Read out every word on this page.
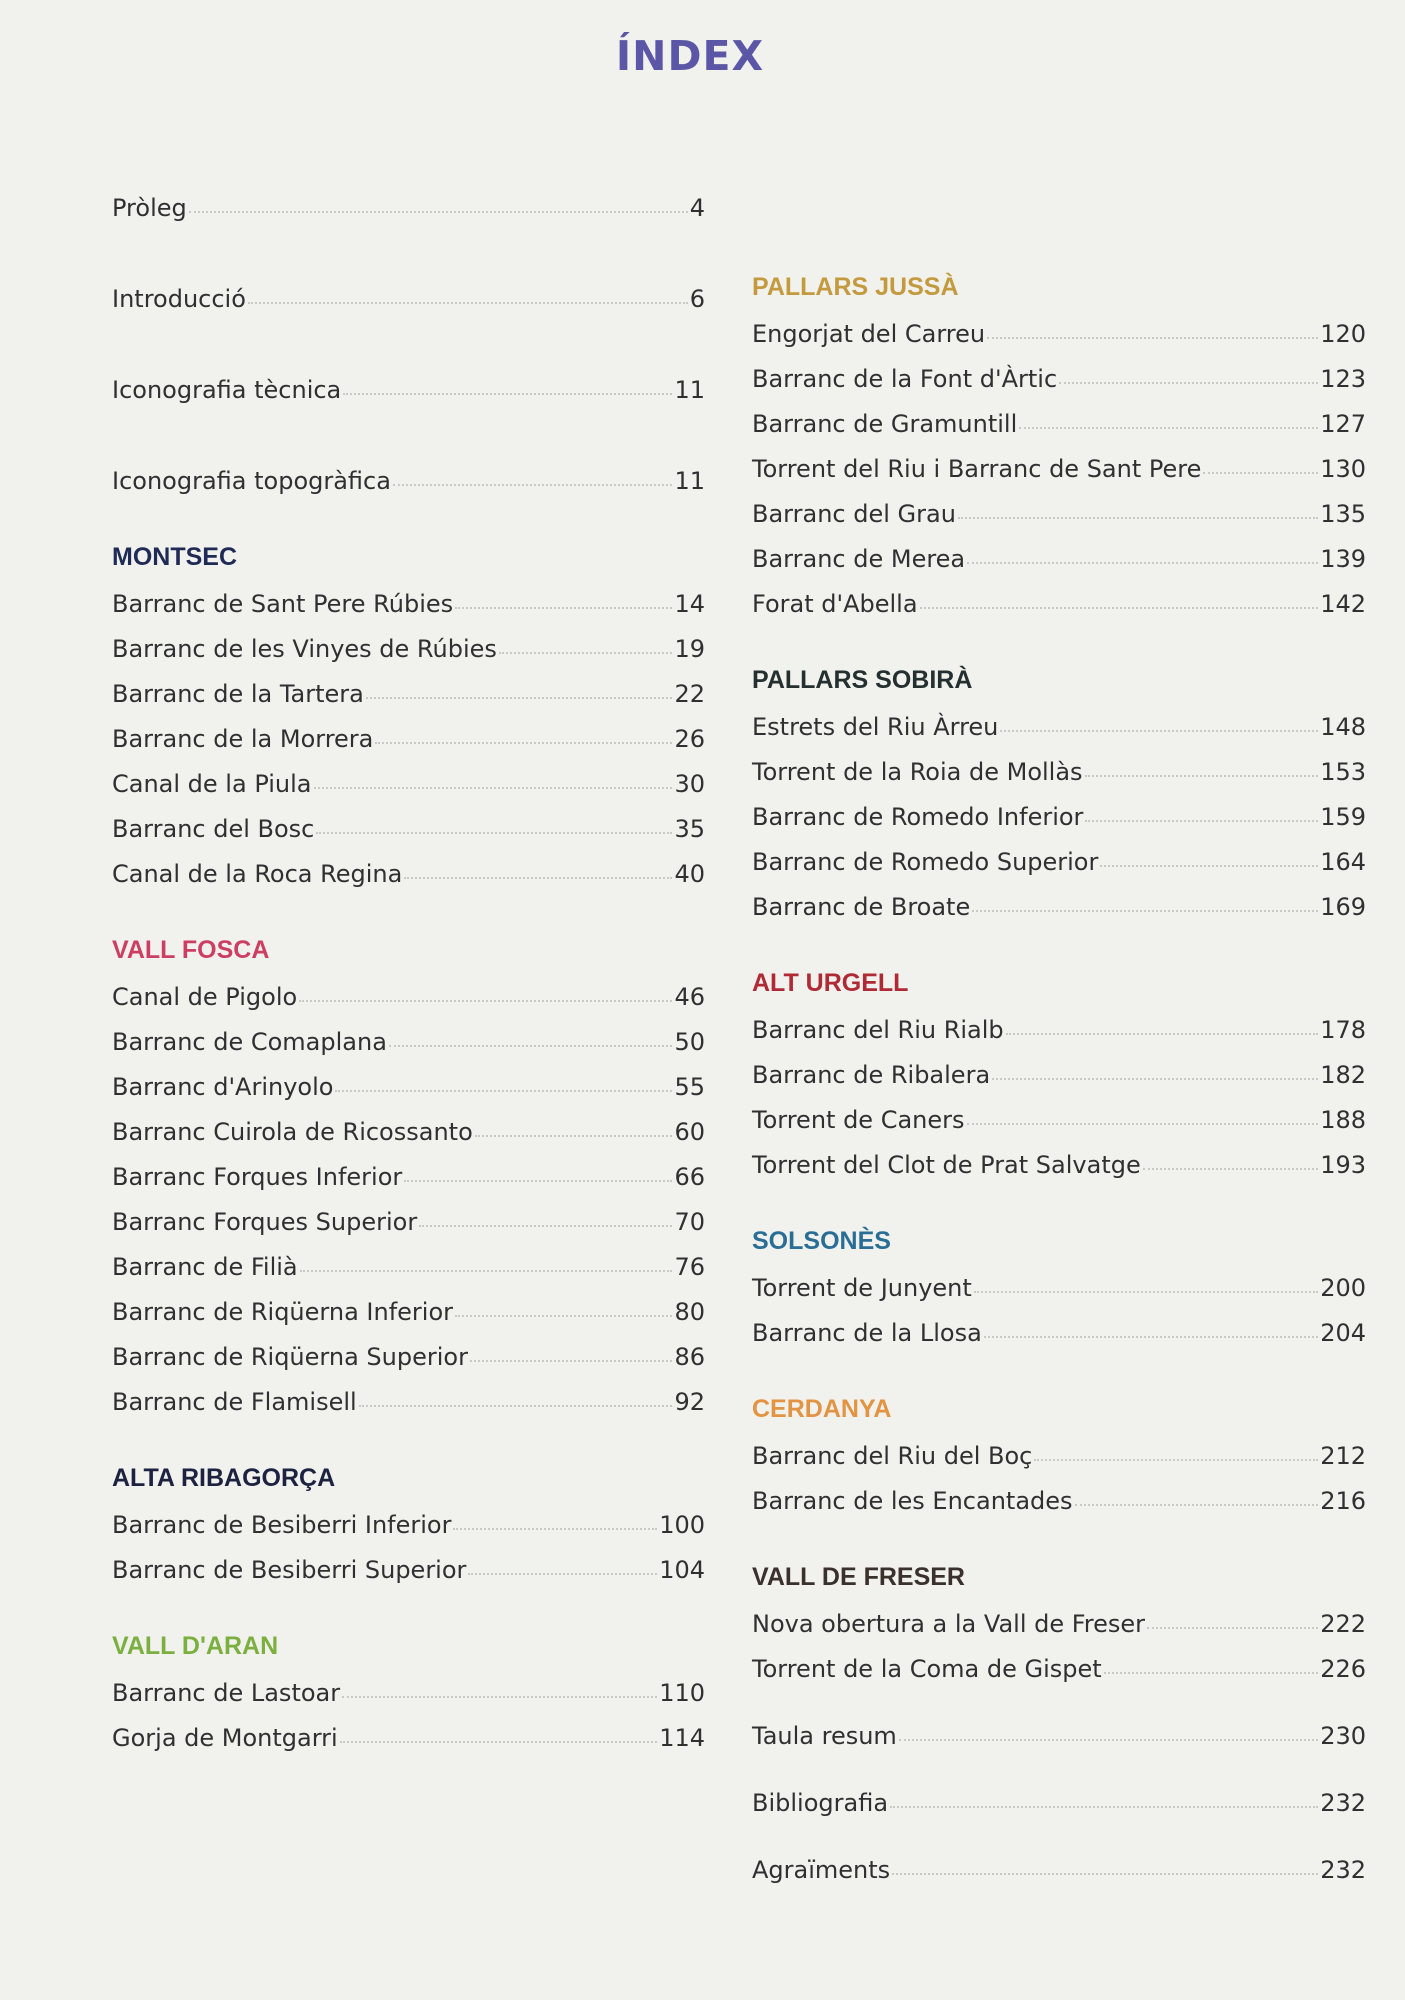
ÍNDEX
Pròleg	4
Introducció	6
Iconografia tècnica	11
Iconografia topogràfica	11
MONTSEC
Barranc de Sant Pere Rúbies	14
Barranc de les Vinyes de Rúbies	19
Barranc de la Tartera	22
Barranc de la Morrera	26
Canal de la Piula	30
Barranc del Bosc	35
Canal de la Roca Regina	40
VALL FOSCA
Canal de Pigolo	46
Barranc de Comaplana	50
Barranc d'Arinyolo	55
Barranc Cuirola de Ricossanto	60
Barranc Forques Inferior	66
Barranc Forques Superior	70
Barranc de Filià	76
Barranc de Riqüerna Inferior	80
Barranc de Riqüerna Superior	86
Barranc de Flamisell	92
ALTA RIBAGORÇA
Barranc de Besiberri Inferior	100
Barranc de Besiberri Superior	104
VALL D'ARAN
Barranc de Lastoar	110
Gorja de Montgarri	114
PALLARS JUSSÀ
Engorjat del Carreu	120
Barranc de la Font d'Àrtic	123
Barranc de Gramuntill	127
Torrent del Riu i Barranc de Sant Pere	130
Barranc del Grau	135
Barranc de Merea	139
Forat d'Abella	142
PALLARS SOBIRÀ
Estrets del Riu Àrreu	148
Torrent de la Roia de Mollàs	153
Barranc de Romedo Inferior	159
Barranc de Romedo Superior	164
Barranc de Broate	169
ALT URGELL
Barranc del Riu Rialb	178
Barranc de Ribalera	182
Torrent de Caners	188
Torrent del Clot de Prat Salvatge	193
SOLSONÈS
Torrent de Junyent	200
Barranc de la Llosa	204
CERDANYA
Barranc del Riu del Boç	212
Barranc de les Encantades	216
VALL DE FRESER
Nova obertura a la Vall de Freser	222
Torrent de la Coma de Gispet	226
Taula resum	230
Bibliografia	232
Agraïments	232
